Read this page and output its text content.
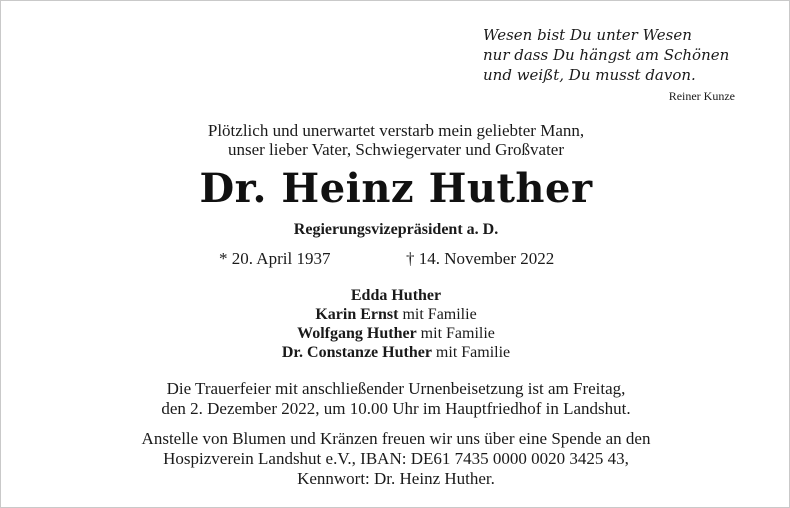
Wesen bist Du unter Wesen
nur dass Du hängst am Schönen
und weißt, Du musst davon.
Reiner Kunze
Plötzlich und unerwartet verstarb mein geliebter Mann,
unser lieber Vater, Schwiegervater und Großvater
Dr. Heinz Huther
Regierungsvizepräsident a. D.
* 20. April 1937	† 14. November 2022
Edda Huther
Karin Ernst mit Familie
Wolfgang Huther mit Familie
Dr. Constanze Huther mit Familie
Die Trauerfeier mit anschließender Urnenbeisetzung ist am Freitag,
den 2. Dezember 2022, um 10.00 Uhr im Hauptfriedhof in Landshut.
Anstelle von Blumen und Kränzen freuen wir uns über eine Spende an den
Hospizverein Landshut e.V., IBAN: DE61 7435 0000 0020 3425 43,
Kennwort: Dr. Heinz Huther.
